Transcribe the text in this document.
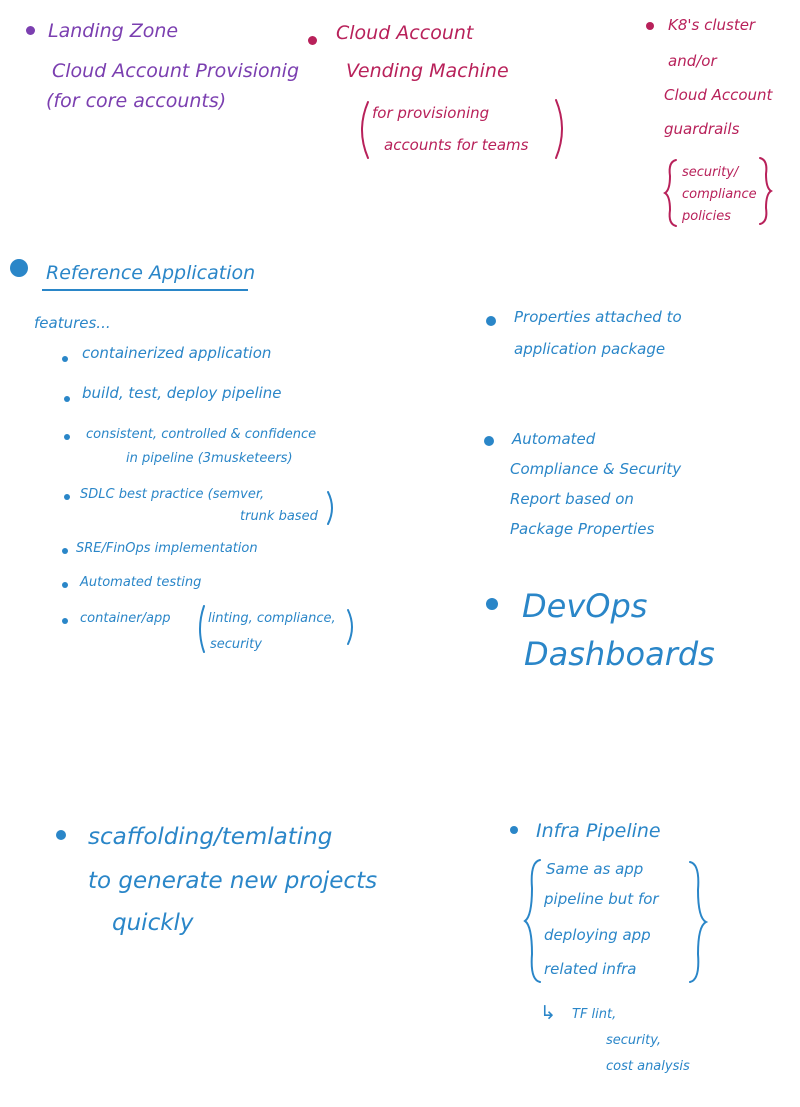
Landing Zone
Cloud Account Provisionig
(for core accounts)
Cloud Account
Vending Machine
for provisioning
accounts for teams
K8's cluster
and/or
Cloud Account
guardrails
security/
compliance
policies
Reference Application
features...
containerized application
build, test, deploy pipeline
consistent, controlled & confidence
in pipeline (3musketeers)
SDLC best practice (semver,
trunk based
SRE/FinOps implementation
Automated testing
container/app	linting, compliance,
security
Properties attached to
application package
Automated
Compliance & Security
Report based on
Package Properties
DevOps
Dashboards
scaffolding/temlating
to generate new projects
quickly
Infra Pipeline
Same as app
pipeline but for
deploying app
related infra
↳ TF lint,
security,
cost analysis
